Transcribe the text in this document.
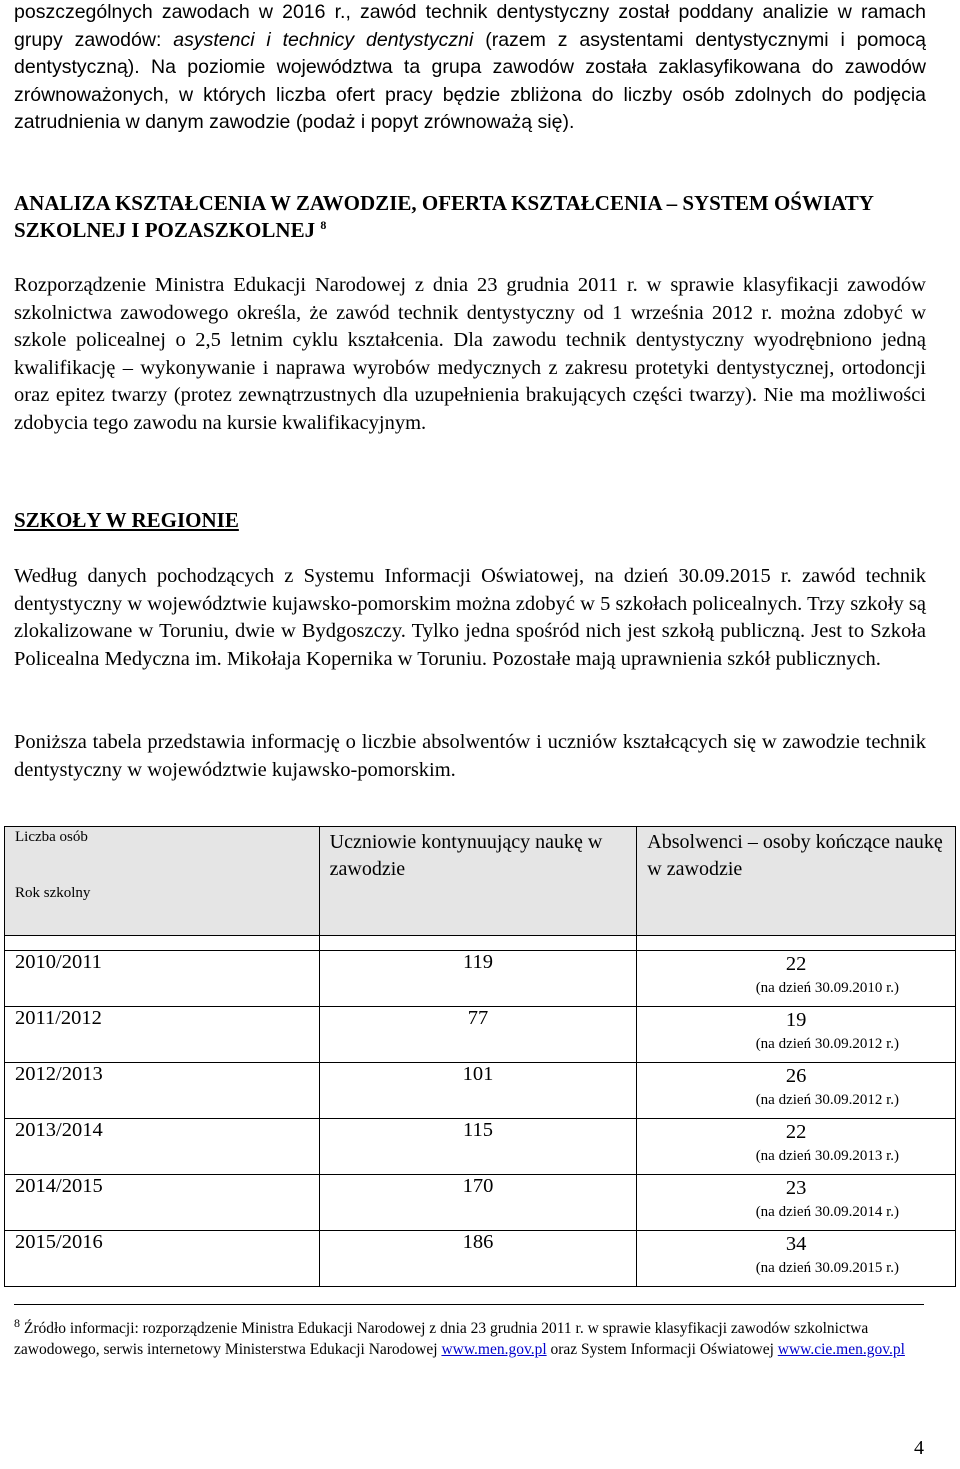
poszczególnych zawodach w 2016 r., zawód technik dentystyczny został poddany analizie w ramach grupy zawodów: asystenci i technicy dentystyczni (razem z asystentami dentystycznymi i pomocą dentystyczną). Na poziomie województwa ta grupa zawodów została zaklasyfikowana do zawodów zrównoważonych, w których liczba ofert pracy będzie zbliżona do liczby osób zdolnych do podjęcia zatrudnienia w danym zawodzie (podaż i popyt zrównoważą się).

ANALIZA KSZTAŁCENIA W ZAWODZIE, OFERTA KSZTAŁCENIA – SYSTEM OŚWIATY SZKOLNEJ I POZASZKOLNEJ $^8$

Rozporządzenie Ministra Edukacji Narodowej z dnia 23 grudnia 2011 r. w sprawie klasyfikacji zawodów szkolnictwa zawodowego określa, że zawód technik dentystyczny od 1 września 2012 r. można zdobyć w szkole policealnej o 2,5 letnim cyklu kształcenia. Dla zawodu technik dentystyczny wyodrębniono jedną kwalifikację – wykonywanie i naprawa wyrobów medycznych z zakresu protetyki dentystycznej, ortodoncji oraz epitez twarzy (protez zewnątrzustnych dla uzupełnienia brakujących części twarzy). Nie ma możliwości zdobycia tego zawodu na kursie kwalifikacyjnym.

SZKOŁY W REGIONIE

Według danych pochodzących z Systemu Informacji Oświatowej, na dzień 30.09.2015 r. zawód technik dentystyczny w województwie kujawsko-pomorskim można zdobyć w 5 szkołach policealnych. Trzy szkoły są zlokalizowane w Toruniu, dwie w Bydgoszczy. Tylko jedna spośród nich jest szkołą publiczną. Jest to Szkoła Policealna Medyczna im. Mikołaja Kopernika w Toruniu. Pozostałe mają uprawnienia szkół publicznych.

Poniższa tabela przedstawia informację o liczbie absolwentów i uczniów kształcących się w zawodzie technik dentystyczny w województwie kujawsko-pomorskim.

Liczba osób
Rok szkolny	Uczniowie kontynuujący naukę w zawodzie	Absolwenci – osoby kończące naukę w zawodzie

2010/2011	119	22
(na dzień 30.09.2010 r.)

2011/2012	77	19
(na dzień 30.09.2012 r.)

2012/2013	101	26
(na dzień 30.09.2012 r.)

2013/2014	115	22
(na dzień 30.09.2013 r.)

2014/2015	170	23
(na dzień 30.09.2014 r.)

2015/2016	186	34
(na dzień 30.09.2015 r.)
$^8$ Źródło informacji: rozporządzenie Ministra Edukacji Narodowej z dnia 23 grudnia 2011 r. w sprawie klasyfikacji zawodów szkolnictwa zawodowego, serwis internetowy Ministerstwa Edukacji Narodowej www.men.gov.pl oraz System Informacji Oświatowej www.cie.men.gov.pl
4
